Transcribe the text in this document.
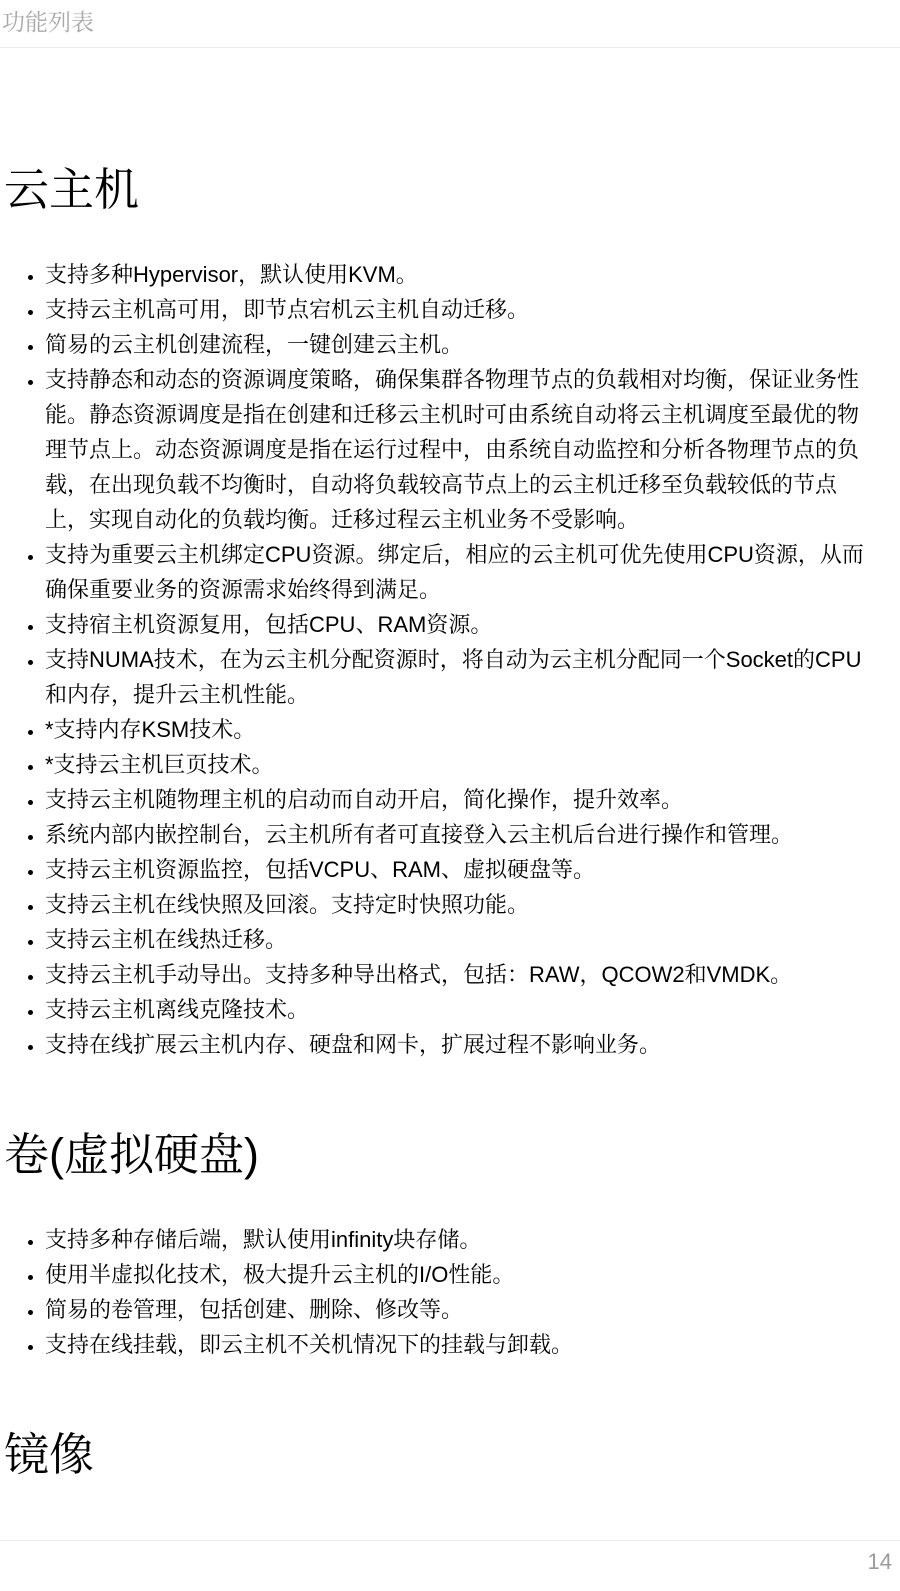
功能列表
云主机
• 支持多种Hypervisor，默认使用KVM。
• 支持云主机高可用，即节点宕机云主机自动迁移。
• 简易的云主机创建流程，一键创建云主机。
• 支持静态和动态的资源调度策略，确保集群各物理节点的负载相对均衡，保证业务性能。静态资源调度是指在创建和迁移云主机时可由系统自动将云主机调度至最优的物理节点上。动态资源调度是指在运行过程中，由系统自动监控和分析各物理节点的负载，在出现负载不均衡时，自动将负载较高节点上的云主机迁移至负载较低的节点上，实现自动化的负载均衡。迁移过程云主机业务不受影响。
• 支持为重要云主机绑定CPU资源。绑定后，相应的云主机可优先使用CPU资源，从而确保重要业务的资源需求始终得到满足。
• 支持宿主机资源复用，包括CPU、RAM资源。
• 支持NUMA技术，在为云主机分配资源时，将自动为云主机分配同一个Socket的CPU和内存，提升云主机性能。
• *支持内存KSM技术。
• *支持云主机巨页技术。
• 支持云主机随物理主机的启动而自动开启，简化操作，提升效率。
• 系统内部内嵌控制台，云主机所有者可直接登入云主机后台进行操作和管理。
• 支持云主机资源监控，包括VCPU、RAM、虚拟硬盘等。
• 支持云主机在线快照及回滚。支持定时快照功能。
• 支持云主机在线热迁移。
• 支持云主机手动导出。支持多种导出格式，包括：RAW，QCOW2和VMDK。
• 支持云主机离线克隆技术。
• 支持在线扩展云主机内存、硬盘和网卡，扩展过程不影响业务。
卷(虚拟硬盘)
• 支持多种存储后端，默认使用infinity块存储。
• 使用半虚拟化技术，极大提升云主机的I/O性能。
• 简易的卷管理，包括创建、删除、修改等。
• 支持在线挂载，即云主机不关机情况下的挂载与卸载。
镜像
14
